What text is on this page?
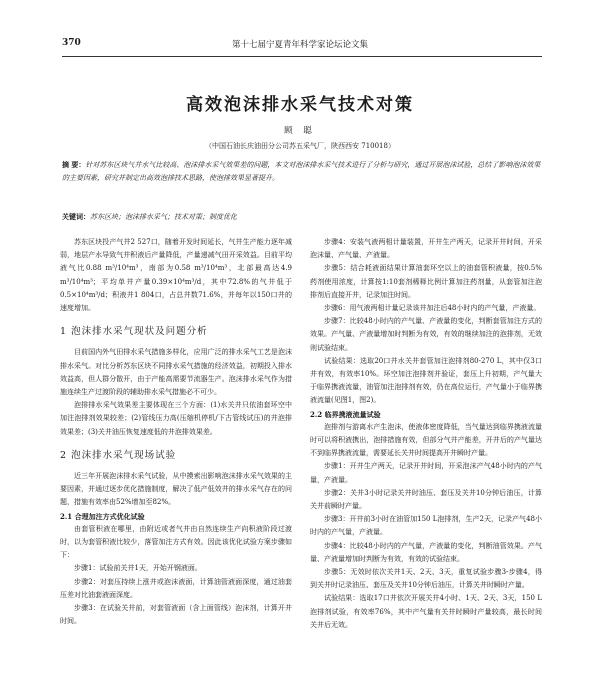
370	第十七届宁夏青年科学家论坛论文集
高效泡沫排水采气技术对策
顾 聪
（中国石油长庆油田分公司苏五采气厂，陕西西安 710018）
摘 要：针对苏东区块气井水气比较高、泡沫排水采气效果差的问题，本文对泡沫排水采气技术进行了分析与研究，通过开展泡沫试验，总结了影响泡沫效果的主要因素，研究并制定出高效泡排技术思路，使泡排效果显著提升。
关键词：苏东区块；泡沫排水采气；技术对策；制度优化

苏东区块投产气井2 527口，随着开发时间延长，气井生产能力逐年减弱，地层产水导致气井积液后产量降低，产量递减气田开采效益。目前平均液气比0.88 m³/10⁴m³，南部为0.58 m³/10⁴m³，北部最高达4.9 m³/10⁴m³；平均单井产量0.39×10⁴m³/d，其中72.8%的气井低于0.5×10⁴m³/d；积液井1 804口，占总井数71.6%，并每年以150口井的速度增加。

1 泡沫排水采气现状及问题分析

目前国内外气田排水采气措施多样化，应用广泛的排水采气工艺是泡沫排水采气。对比分析苏东区块不同排水采气措施的经济效益，初期投入排水效益高，但人群分散开，由于产能高需要节流器生产。泡沫排水采气作为措施连续生产过渡阶段的辅助排水采气措施必不可少。

泡排排水采气效果差主要体现在三个方面：(1)水关井只依油套环空中加注泡排剂效果较差；(2)管线压力高(压缩机停机/下古管线试压)的井泡排效果差；(3)关井油压恢复速度低的井泡排效果差。

2 泡沫排水采气现场试验

近三年开展泡沫排水采气试验，从中摸索出影响泡沫排水采气效果的主要因素，并通过逐步优化措施制度，解决了低产低效井的排水采气存在的问题，措施有效率由52%增加至82%。

2.1 合理加注方式优化试验

由套管积液在哪里，由附近或者气井由自然连续生产向积液阶段过渡时，以为套管积液比较少，落管加注方式有效。因此该优化试验方案步骤如下：

步骤1：试验前关井1天，开始开钢液面。

步骤2：对套压持续上涨井或泡沫液面，计算油管液面深度，通过油套压差对比油套液面深度。

步骤3：在试验关井前，对套管液面（含上面管线）泡沫剂，计算开井时间。

步骤4：安装气液两相计量装置，开井生产两天，记录开井时间，开采泡沫量、产气量、产液量。

步骤5：结合耗液面结果计算油套环空以上的油套管积液量，按0.5%药剂使用浓度，计算按1:10套剂稀释比例计算加注药剂量，从套管加注泡排剂后直接开井，记录加注时间。

步骤6：用气液两相计量记录该井加注后48小时内的产气量，产液量。

步骤7：比较48小时内的产气量、产液量的变化，判断套管加注方式的效果。产气量、产液量增加时判断为有效，有效的继续加注的泡排剂，无效则试验结束。

试验结果：选取20口井水关井套管加注泡排剂80-270 L，其中仅3口井有效，有效率10%。环空加注泡排剂并验证，套压上升初期，产气量大于临界携液流量，油管加注泡排剂有效，仍在高位运行，产气量小于临界携液流量(见图1，图2)。

2.2 临界携液流量试验

泡排剂与游离水产生泡沫，使液体密度降低，当气量达到临界携液流量时可以将积液携出，泡排措施有效，但部分气井产能差，开井后的产气量达不到临界携液流量，需要延长关井时间提高开井瞬时产量。

步骤1：开井生产两天，记录开井时间，开采泡沫产气48小时内的产气量，产液量。

步骤2：关井3小时记录关井时油压、套压及关井10分钟后油压，计算关井前瞬时产量。

步骤3：开井前3小时在油管加150 L泡排剂，生产2天，记录产气48小时内的产气量，产液量。

步骤4：比较48小时内的产气量，产液量的变化，判断油管效果。产气量、产液量增加时判断为有效，有效的试验结束。

步骤5：无效时依次关井1天、2天、3天，重复试验步骤3-步骤4，得到关井时记录油压、套压及关井10分钟后油压，计算关井时瞬时产量。

试验结果：选取17口井依次开展关井4小时、1天、2天、3天，150 L泡排剂试验，有效率76%，其中产气量有关井时瞬时产量较高，最长时间关井后无效。
